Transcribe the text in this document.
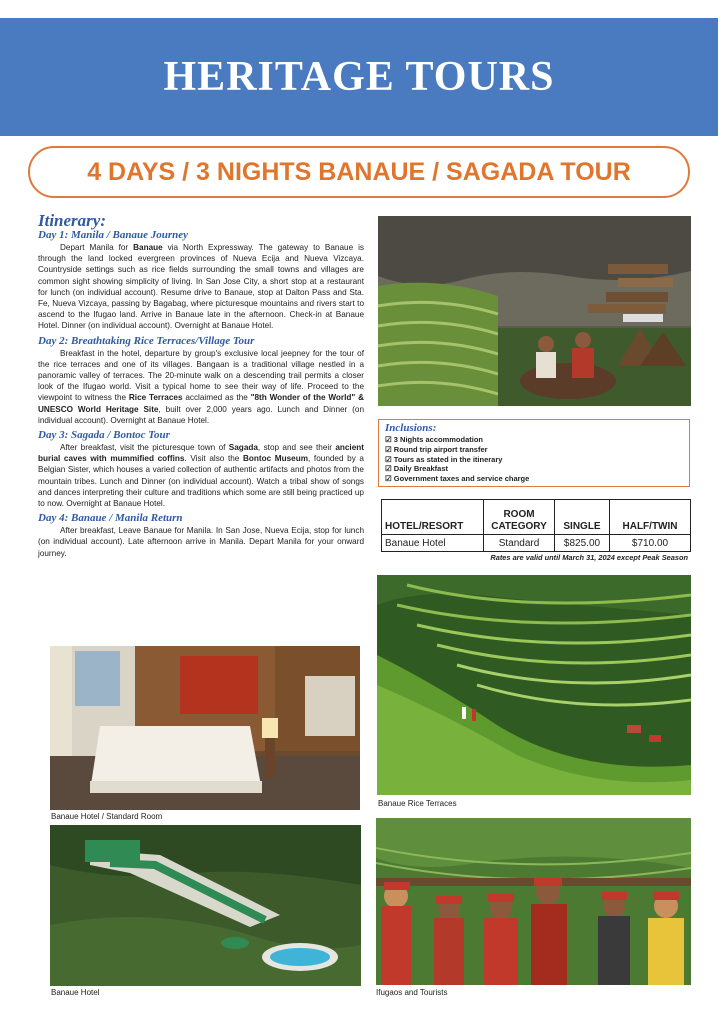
HERITAGE TOURS
4 DAYS / 3 NIGHTS BANAUE / SAGADA TOUR

Itinerary:

Day 1: Manila / Banaue Journey

Depart Manila for Banaue via North Expressway. The gateway to Banaue is through the land locked evergreen provinces of Nueva Ecija and Nueva Vizcaya. Countryside settings such as rice fields surrounding the small towns and villages are common sight showing simplicity of living. In San Jose City, a short stop at a restaurant for lunch (on individual account). Resume drive to Banaue, stop at Dalton Pass and Sta. Fe, Nueva Vizcaya, passing by Bagabag, where picturesque mountains and rivers start to ascend to the Ifugao land. Arrive in Banaue late in the afternoon. Check-in at Banaue Hotel. Dinner (on individual account). Overnight at Banaue Hotel.

Day 2: Breathtaking Rice Terraces/Village Tour

Breakfast in the hotel, departure by group's exclusive local jeepney for the tour of the rice terraces and one of its villages. Bangaan is a traditional village nestled in a panoramic valley of terraces. The 20-minute walk on a descending trail permits a closer look of the Ifugao world. Visit a typical home to see their way of life. Proceed to the viewpoint to witness the Rice Terraces acclaimed as the "8th Wonder of the World" & UNESCO World Heritage Site, built over 2,000 years ago. Lunch and Dinner (on individual account). Overnight at Banaue Hotel.

Day 3: Sagada / Bontoc Tour

After breakfast, visit the picturesque town of Sagada, stop and see their ancient burial caves with mummified coffins. Visit also the Bontoc Museum, founded by a Belgian Sister, which houses a varied collection of authentic artifacts and photos from the mountain tribes. Lunch and Dinner (on individual account). Watch a tribal show of songs and dances interpreting their culture and traditions which some are still being practiced up to now. Overnight at Banaue Hotel.

Day 4: Banaue / Manila Return

After breakfast, Leave Banaue for Manila. In San Jose, Nueva Ecija, stop for lunch (on individual account). Late afternoon arrive in Manila. Depart Manila for your onward journey.

Inclusions:

☑ 3 Nights accommodation
☑ Round trip airport transfer
☑ Tours as stated in the itinerary
☑ Daily Breakfast
☑ Government taxes and service charge
HOTEL/RESORT	ROOM CATEGORY	SINGLE	HALF/TWIN
Banaue Hotel	Standard	$825.00	$710.00
Rates are valid until March 31, 2024 except Peak Season
Banaue Rice Terraces
Banaue Hotel / Standard Room
Banaue Hotel	Ifugaos and Tourists
